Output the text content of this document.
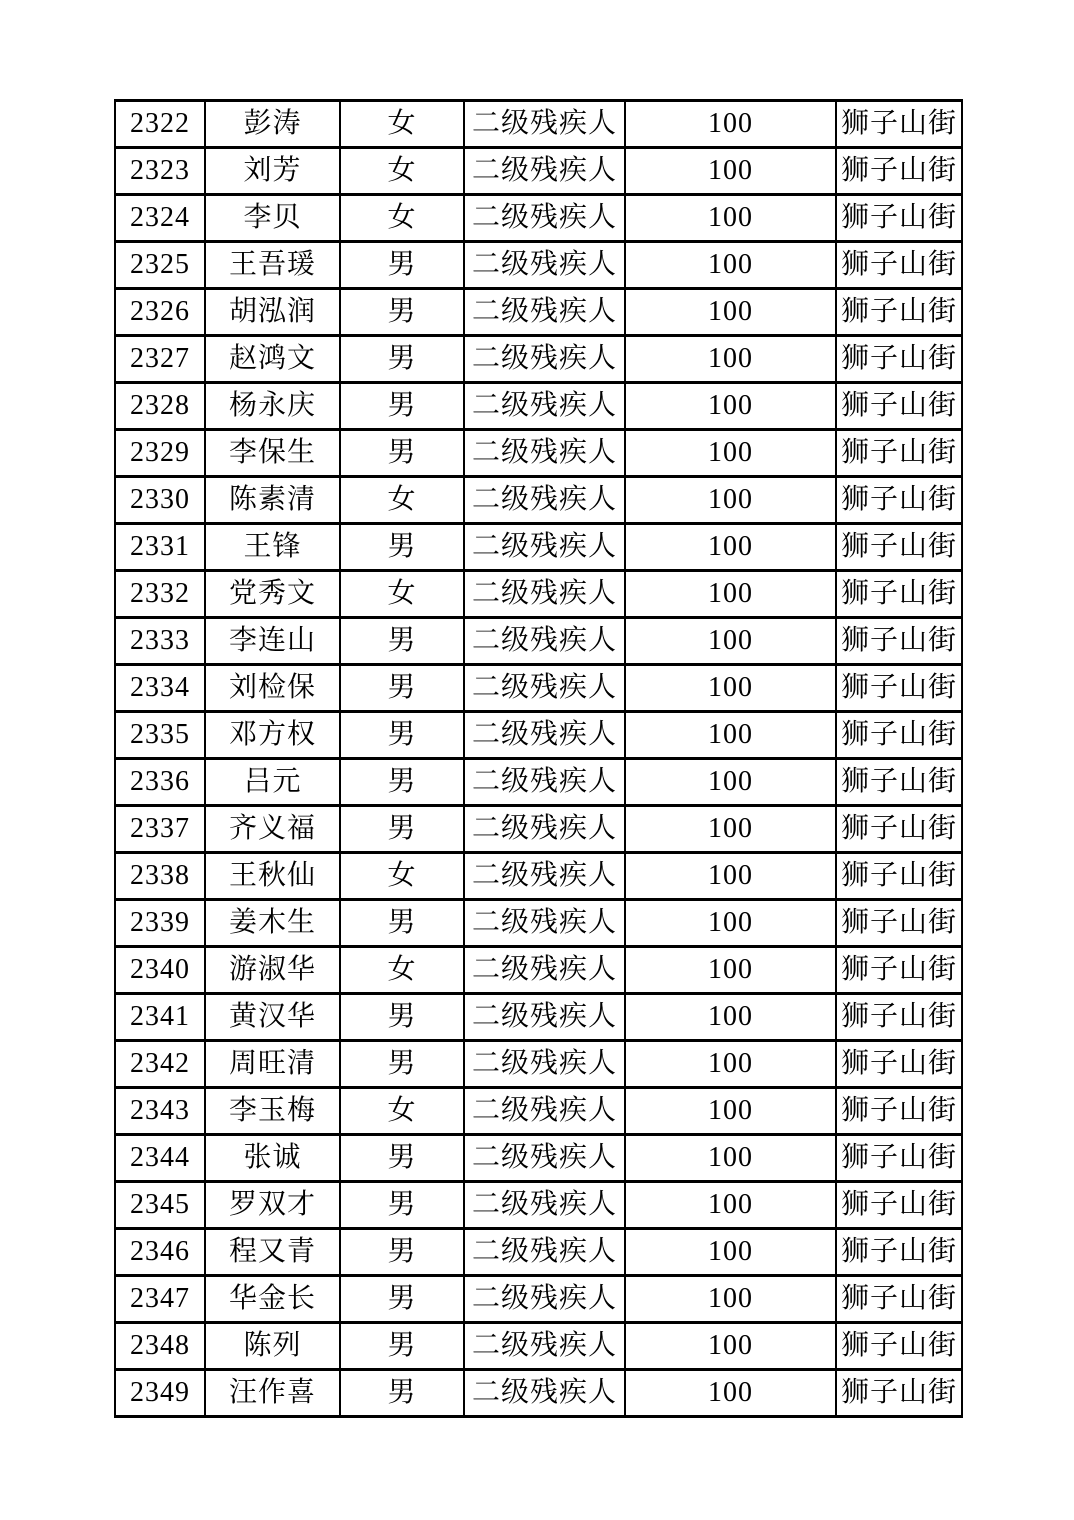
2322	彭涛	女	二级残疾人	100	狮子山街
2323	刘芳	女	二级残疾人	100	狮子山街
2324	李贝	女	二级残疾人	100	狮子山街
2325	王吾瑗	男	二级残疾人	100	狮子山街
2326	胡泓润	男	二级残疾人	100	狮子山街
2327	赵鸿文	男	二级残疾人	100	狮子山街
2328	杨永庆	男	二级残疾人	100	狮子山街
2329	李保生	男	二级残疾人	100	狮子山街
2330	陈素清	女	二级残疾人	100	狮子山街
2331	王锋	男	二级残疾人	100	狮子山街
2332	党秀文	女	二级残疾人	100	狮子山街
2333	李连山	男	二级残疾人	100	狮子山街
2334	刘检保	男	二级残疾人	100	狮子山街
2335	邓方权	男	二级残疾人	100	狮子山街
2336	吕元	男	二级残疾人	100	狮子山街
2337	齐义福	男	二级残疾人	100	狮子山街
2338	王秋仙	女	二级残疾人	100	狮子山街
2339	姜木生	男	二级残疾人	100	狮子山街
2340	游淑华	女	二级残疾人	100	狮子山街
2341	黄汉华	男	二级残疾人	100	狮子山街
2342	周旺清	男	二级残疾人	100	狮子山街
2343	李玉梅	女	二级残疾人	100	狮子山街
2344	张诚	男	二级残疾人	100	狮子山街
2345	罗双才	男	二级残疾人	100	狮子山街
2346	程又青	男	二级残疾人	100	狮子山街
2347	华金长	男	二级残疾人	100	狮子山街
2348	陈列	男	二级残疾人	100	狮子山街
2349	汪作喜	男	二级残疾人	100	狮子山街
